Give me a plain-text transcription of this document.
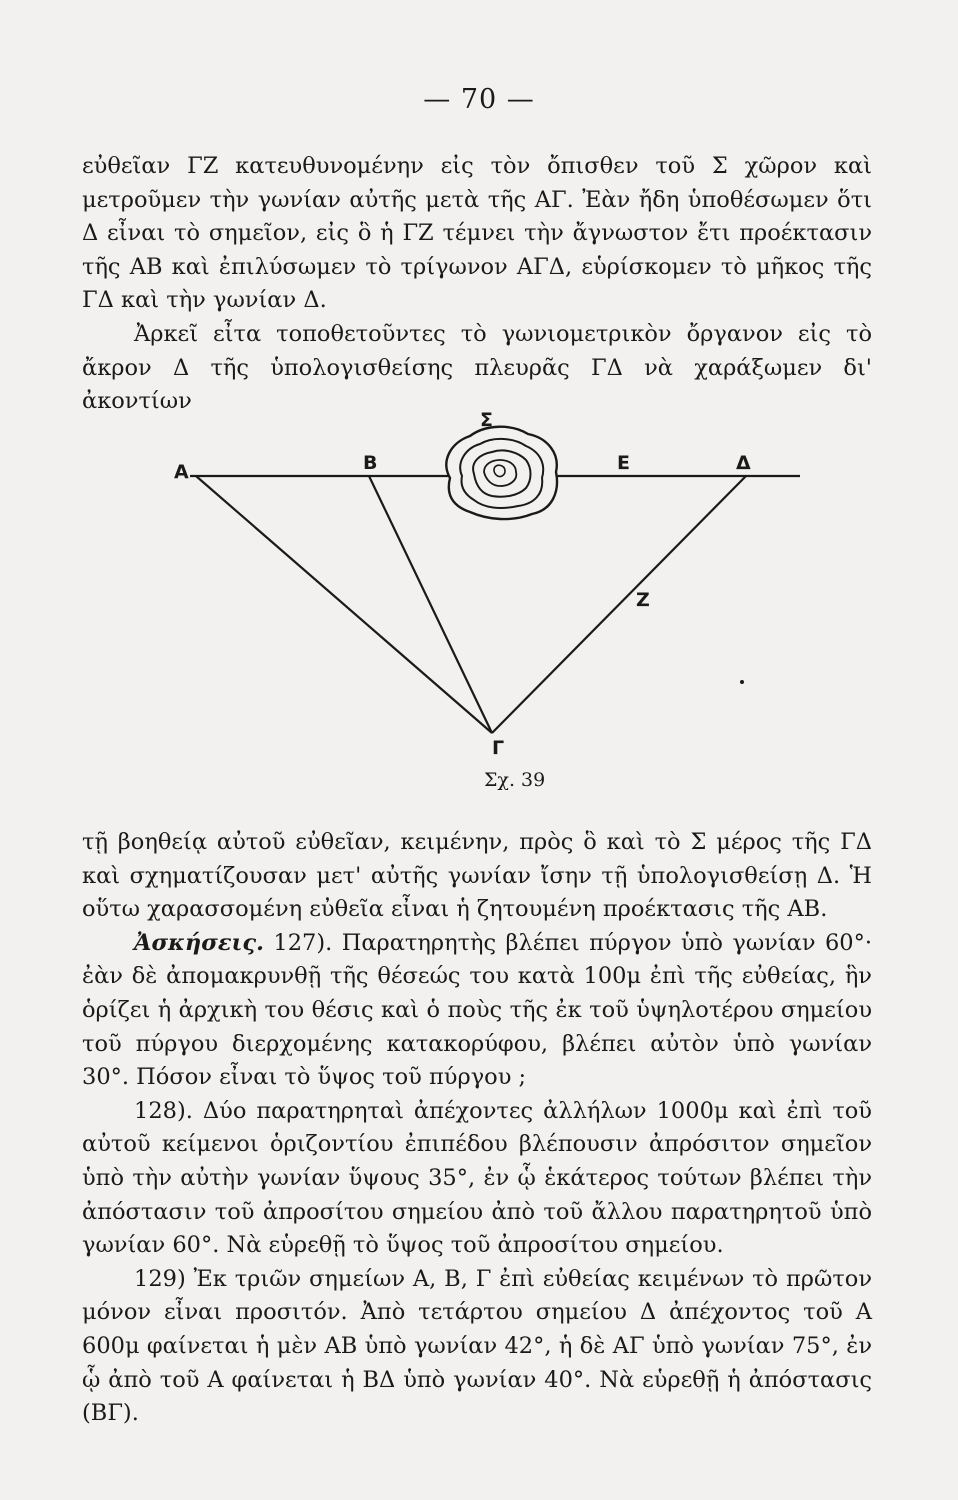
— 70 —

εὐθεῖαν ΓΖ κατευθυνομένην εἰς τὸν ὄπισθεν τοῦ Σ χῶρον καὶ μετροῦμεν τὴν γωνίαν αὐτῆς μετὰ τῆς ΑΓ. Ἐὰν ἤδη ὑποθέσωμεν ὅτι Δ εἶναι τὸ σημεῖον, εἰς ὃ ἡ ΓΖ τέμνει τὴν ἄγνωστον ἔτι προέκτασιν τῆς ΑΒ καὶ ἐπιλύσωμεν τὸ τρίγωνον ΑΓΔ, εὑρίσκομεν τὸ μῆκος τῆς ΓΔ καὶ τὴν γωνίαν Δ.

Ἀρκεῖ εἶτα τοποθετοῦντες τὸ γωνιομετρικὸν ὄργανον εἰς τὸ ἄκρον Δ τῆς ὑπολογισθείσης πλευρᾶς ΓΔ νὰ χαράξωμεν δι' ἀκοντίων

Α	Β
Σ
Ε	Δ
Ζ
Γ
Σχ. 39

τῇ βοηθείᾳ αὐτοῦ εὐθεῖαν, κειμένην, πρὸς ὃ καὶ τὸ Σ μέρος τῆς ΓΔ καὶ σχηματίζουσαν μετ' αὐτῆς γωνίαν ἴσην τῇ ὑπολογισθείσῃ Δ. Ἡ οὕτω χαρασσομένη εὐθεῖα εἶναι ἡ ζητουμένη προέκτασις τῆς ΑΒ.

Ἀσκήσεις. 127). Παρατηρητὴς βλέπει πύργον ὑπὸ γωνίαν 60°· ἐὰν δὲ ἀπομακρυνθῇ τῆς θέσεώς του κατὰ 100μ ἐπὶ τῆς εὐθείας, ἣν ὁρίζει ἡ ἀρχικὴ του θέσις καὶ ὁ ποὺς τῆς ἐκ τοῦ ὑψηλοτέρου σημείου τοῦ πύργου διερχομένης κατακορύφου, βλέπει αὐτὸν ὑπὸ γωνίαν 30°. Πόσον εἶναι τὸ ὕψος τοῦ πύργου ;

128). Δύο παρατηρηταὶ ἀπέχοντες ἀλλήλων 1000μ καὶ ἐπὶ τοῦ αὐτοῦ κείμενοι ὁριζοντίου ἐπιπέδου βλέπουσιν ἀπρόσιτον σημεῖον ὑπὸ τὴν αὐτὴν γωνίαν ὕψους 35°, ἐν ᾧ ἑκάτερος τούτων βλέπει τὴν ἀπόστασιν τοῦ ἀπροσίτου σημείου ἀπὸ τοῦ ἄλλου παρατηρητοῦ ὑπὸ γωνίαν 60°. Νὰ εὑρεθῇ τὸ ὕψος τοῦ ἀπροσίτου σημείου.

129) Ἐκ τριῶν σημείων Α, Β, Γ ἐπὶ εὐθείας κειμένων τὸ πρῶτον μόνον εἶναι προσιτόν. Ἀπὸ τετάρτου σημείου Δ ἀπέχοντος τοῦ Α 600μ φαίνεται ἡ μὲν ΑΒ ὑπὸ γωνίαν 42°, ἡ δὲ ΑΓ ὑπὸ γωνίαν 75°, ἐν ᾧ ἀπὸ τοῦ Α φαίνεται ἡ ΒΔ ὑπὸ γωνίαν 40°. Νὰ εὑρεθῇ ἡ ἀπόστασις (ΒΓ).
